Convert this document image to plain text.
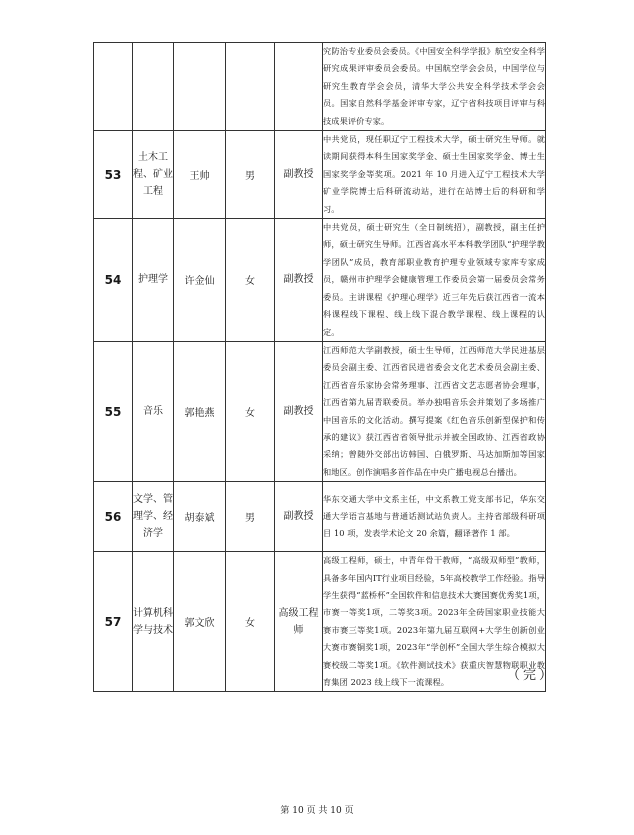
					究防治专业委员会委员。《中国安全科学学报》航空安全科学研究成果评审委员会委员。中国航空学会会员，中国学位与研究生教育学会会员，清华大学公共安全科学技术学会会员。国家自然科学基金评审专家，辽宁省科技项目评审与科技成果评价专家。
53	土木工程、矿业工程	王帅	男	副教授	中共党员，现任职辽宁工程技术大学，硕士研究生导师。就读期间获得本科生国家奖学金、硕士生国家奖学金、博士生国家奖学金等奖项。2021 年 10 月进入辽宁工程技术大学矿业学院博士后科研流动站，进行在站博士后的科研和学习。
54	护理学	许金仙	女	副教授	中共党员，硕士研究生（全日制统招），副教授，副主任护师，硕士研究生导师。江西省高水平本科教学团队“护理学教学团队”成员，教育部职业教育护理专业领域专家库专家成员，赣州市护理学会健康管理工作委员会第一届委员会常务委员。主讲课程《护理心理学》近三年先后获江西省一流本科课程线下课程、线上线下混合教学课程、线上课程的认定。
55	音乐	郭艳燕	女	副教授	江西师范大学副教授，硕士生导师，江西师范大学民进基层委员会副主委、江西省民进省委会文化艺术委员会副主委、江西省音乐家协会常务理事、江西省文艺志愿者协会理事，江西省第九届青联委员。举办独唱音乐会并策划了多场推广中国音乐的文化活动。撰写提案《红色音乐创新型保护和传承的建议》获江西省省领导批示并被全国政协、江西省政协采纳；曾随外交部出访韩国、白俄罗斯、马达加斯加等国家和地区。创作演唱多首作品在中央广播电视总台播出。
56	文学、管理学、经济学	胡泰斌	男	副教授	华东交通大学中文系主任，中文系教工党支部书记，华东交通大学语言基地与普通话测试站负责人。主持省部级科研项目 10 项，发表学术论文 20 余篇，翻译著作 1 部。
57	计算机科学与技术	郭文欣	女	高级工程师	高级工程师，硕士，中青年骨干教师，“高级双师型”教师，具备多年国内IT行业项目经验，5年高校教学工作经验。指导学生获得“蓝桥杯”全国软件和信息技术大赛国赛优秀奖1项，市赛一等奖1项，二等奖3项。2023年全砖国家职业技能大赛市赛三等奖1项。2023年第九届互联网+大学生创新创业大赛市赛铜奖1项，2023年“学创杯”全国大学生综合模拟大赛校级二等奖1项。《软件测试技术》获重庆智慧物联职业教育集团 2023 线上线下一流课程。	（完）
第 10 页 共 10 页
